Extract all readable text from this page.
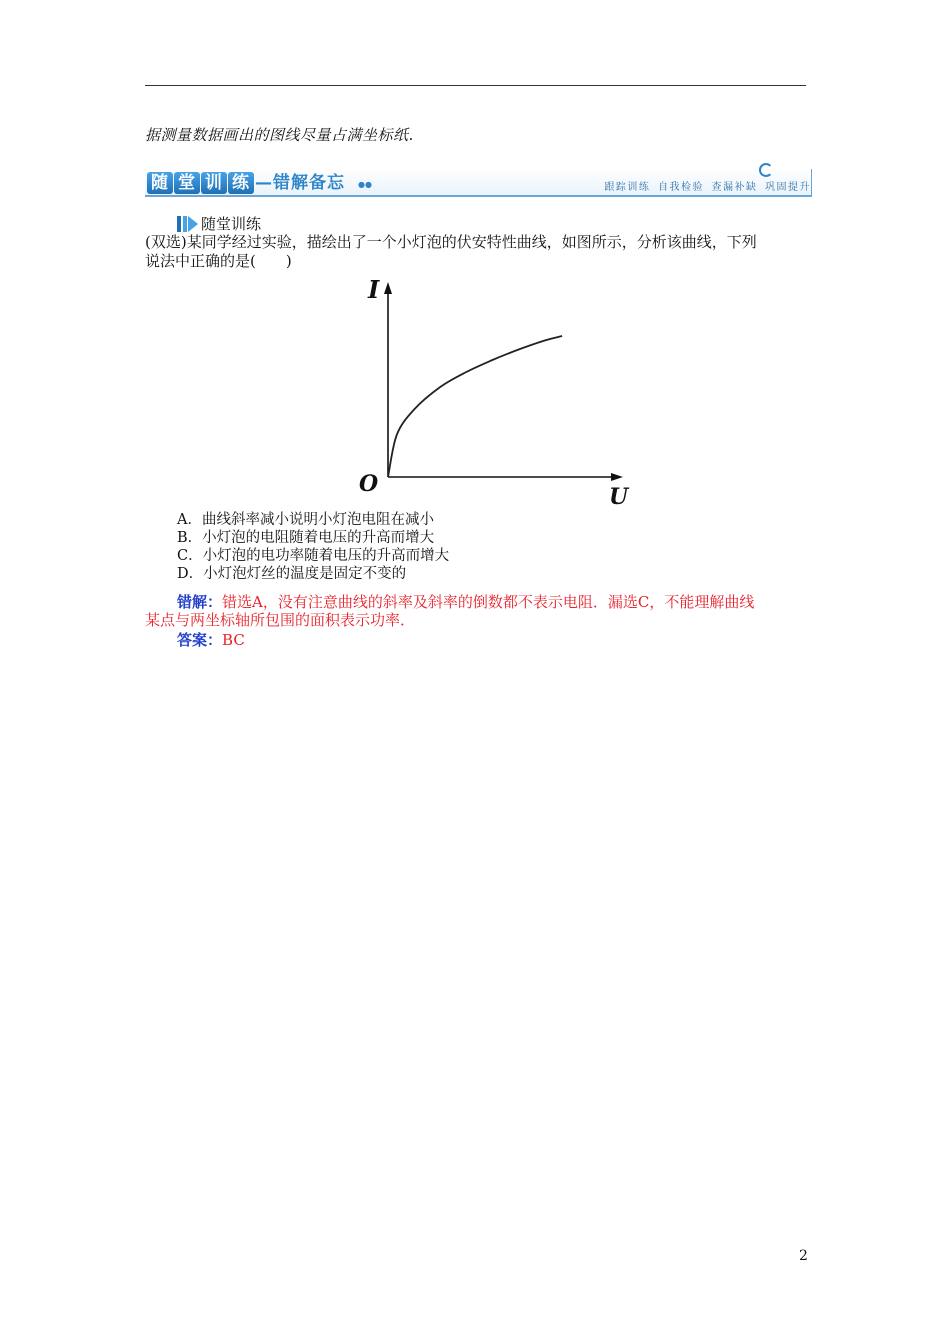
据测量数据画出的图线尽量占满坐标纸.
随 堂 训 练 —错解备忘 ●●	跟踪训练 自我检验 查漏补缺 巩固提升
随堂训练
(双选)某同学经过实验，描绘出了一个小灯泡的伏安特性曲线，如图所示，分析该曲线，下列
说法中正确的是(　　)
I
O	U
A．曲线斜率减小说明小灯泡电阻在减小
B．小灯泡的电阻随着电压的升高而增大
C．小灯泡的电功率随着电压的升高而增大
D．小灯泡灯丝的温度是固定不变的
错解：错选A，没有注意曲线的斜率及斜率的倒数都不表示电阻．漏选C，不能理解曲线
某点与两坐标轴所包围的面积表示功率．
答案：BC
2
